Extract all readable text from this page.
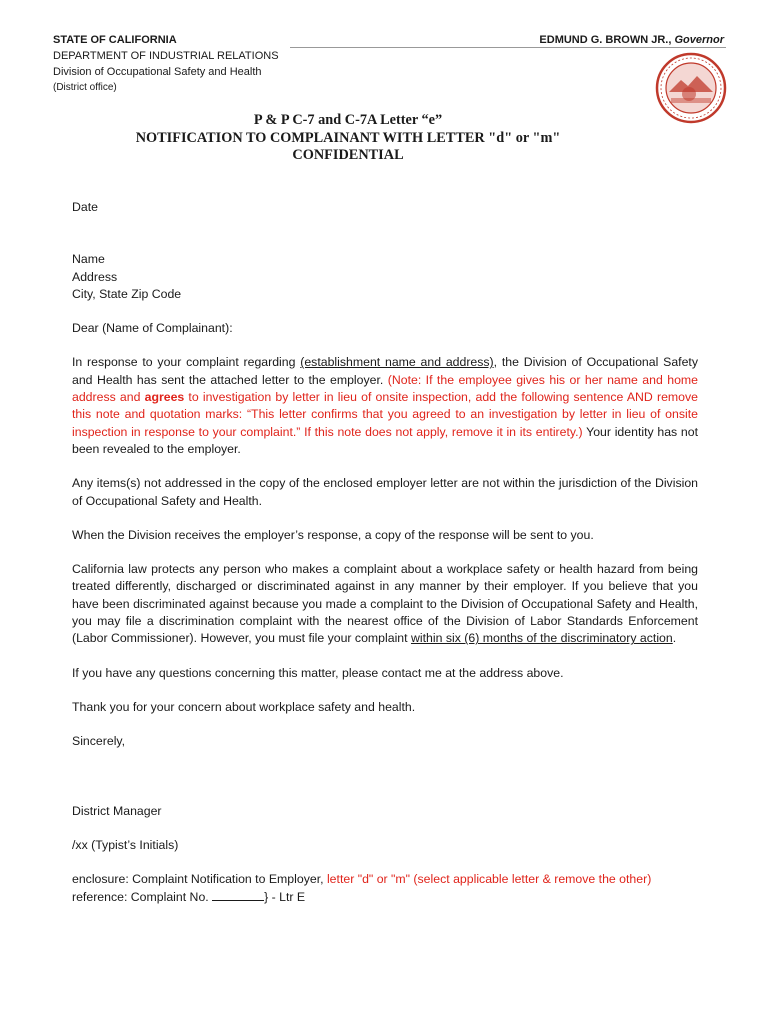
STATE OF CALIFORNIA
DEPARTMENT OF INDUSTRIAL RELATIONS
Division of Occupational Safety and Health
(District office)
EDMUND G. BROWN JR., Governor
P & P C-7 and C-7A Letter “e”
NOTIFICATION TO COMPLAINANT WITH LETTER "d" or "m"
CONFIDENTIAL

Date

Name

Address

City, State Zip Code

Dear (Name of Complainant):

In response to your complaint regarding (establishment name and address), the Division of Occupational Safety and Health has sent the attached letter to the employer. (Note: If the employee gives his or her name and home address and agrees to investigation by letter in lieu of onsite inspection, add the following sentence AND remove this note and quotation marks: “This letter confirms that you agreed to an investigation by letter in lieu of onsite inspection in response to your complaint.” If this note does not apply, remove it in its entirety.) Your identity has not been revealed to the employer.

Any items(s) not addressed in the copy of the enclosed employer letter are not within the jurisdiction of the Division of Occupational Safety and Health.

When the Division receives the employer’s response, a copy of the response will be sent to you.

California law protects any person who makes a complaint about a workplace safety or health hazard from being treated differently, discharged or discriminated against in any manner by their employer. If you believe that you have been discriminated against because you made a complaint to the Division of Occupational Safety and Health, you may file a discrimination complaint with the nearest office of the Division of Labor Standards Enforcement (Labor Commissioner). However, you must file your complaint within six (6) months of the discriminatory action.

If you have any questions concerning this matter, please contact me at the address above.

Thank you for your concern about workplace safety and health.

Sincerely,

District Manager

/xx (Typist’s Initials)

enclosure: Complaint Notification to Employer, letter "d" or "m" (select applicable letter & remove the other)

reference: Complaint No.	} - Ltr E
